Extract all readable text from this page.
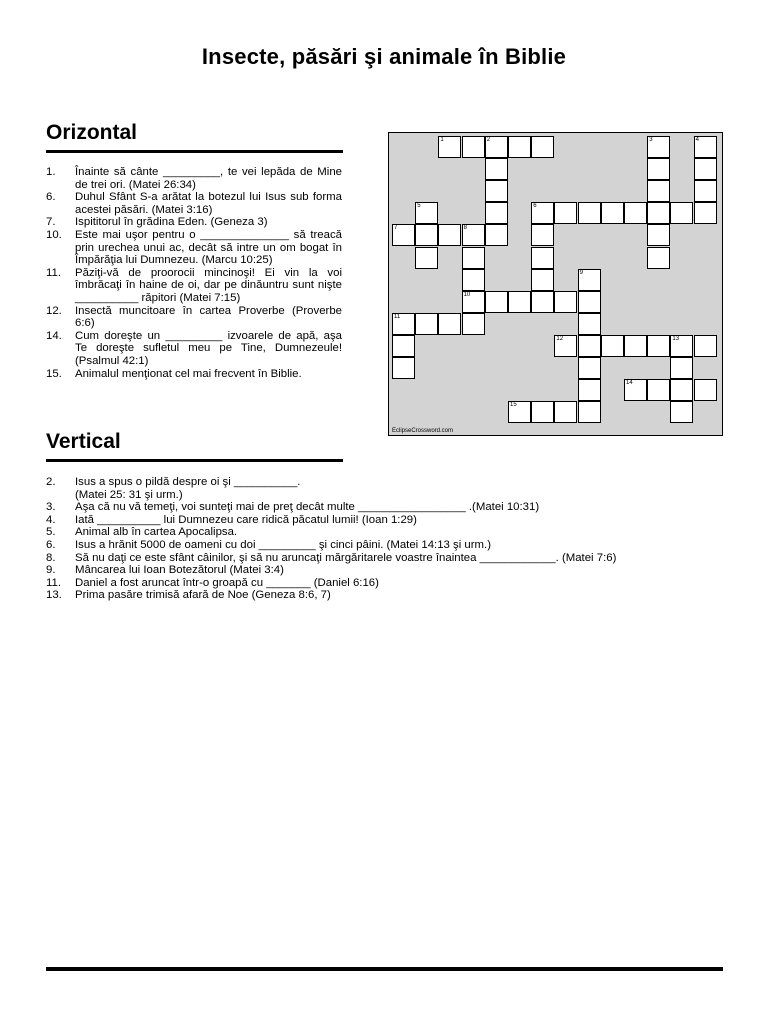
Insecte, păsări şi animale în Biblie
Orizontal
1.	Înainte să cânte _________, te vei lepăda de Mine de trei ori. (Matei 26:34)
6.	Duhul Sfânt S-a arătat la botezul lui Isus sub forma acestei păsări. (Matei 3:16)
7.	Ispititorul în grădina Eden. (Geneza 3)
10.	Este mai uşor pentru o ______________ să treacă prin urechea unui ac, decât să intre un om bogat în Împărăţia lui Dumnezeu. (Marcu 10:25)
11.	Păziţi-vă de proorocii mincinoşi! Ei vin la voi îmbrăcaţi în haine de oi, dar pe dinăuntru sunt nişte __________ răpitori (Matei 7:15)
12.	Insectă muncitoare în cartea Proverbe (Proverbe 6:6)
14.	Cum doreşte un _________ izvoarele de apă, aşa Te doreşte sufletul meu pe Tine, Dumnezeule! (Psalmul 42:1)
15.	Animalul menţionat cel mai frecvent în Biblie.
Vertical
2.	Isus a spus o pildă despre oi şi __________.
(Matei 25: 31 şi urm.)
3.	Aşa că nu vă temeţi, voi sunteţi mai de preţ decât multe _________________ .(Matei 10:31)
4.	Iată __________ lui Dumnezeu care ridică păcatul lumii! (Ioan 1:29)
5.	Animal alb în cartea Apocalipsa.
6.	Isus a hrănit 5000 de oameni cu doi _________ şi cinci pâini. (Matei 14:13 şi urm.)
8.	Să nu daţi ce este sfânt câinilor, şi să nu aruncaţi mărgăritarele voastre înaintea ____________. (Matei 7:6)
9.	Mâncarea lui Ioan Botezătorul (Matei 3:4)
11.	Daniel a fost aruncat într-o groapă cu _______ (Daniel 6:16)
13.	Prima pasăre trimisă afară de Noe (Geneza 8:6, 7)
EclipseCrossword.com
1	2	3	4
5	6
7	8
9
10
11
12	13
14
15
